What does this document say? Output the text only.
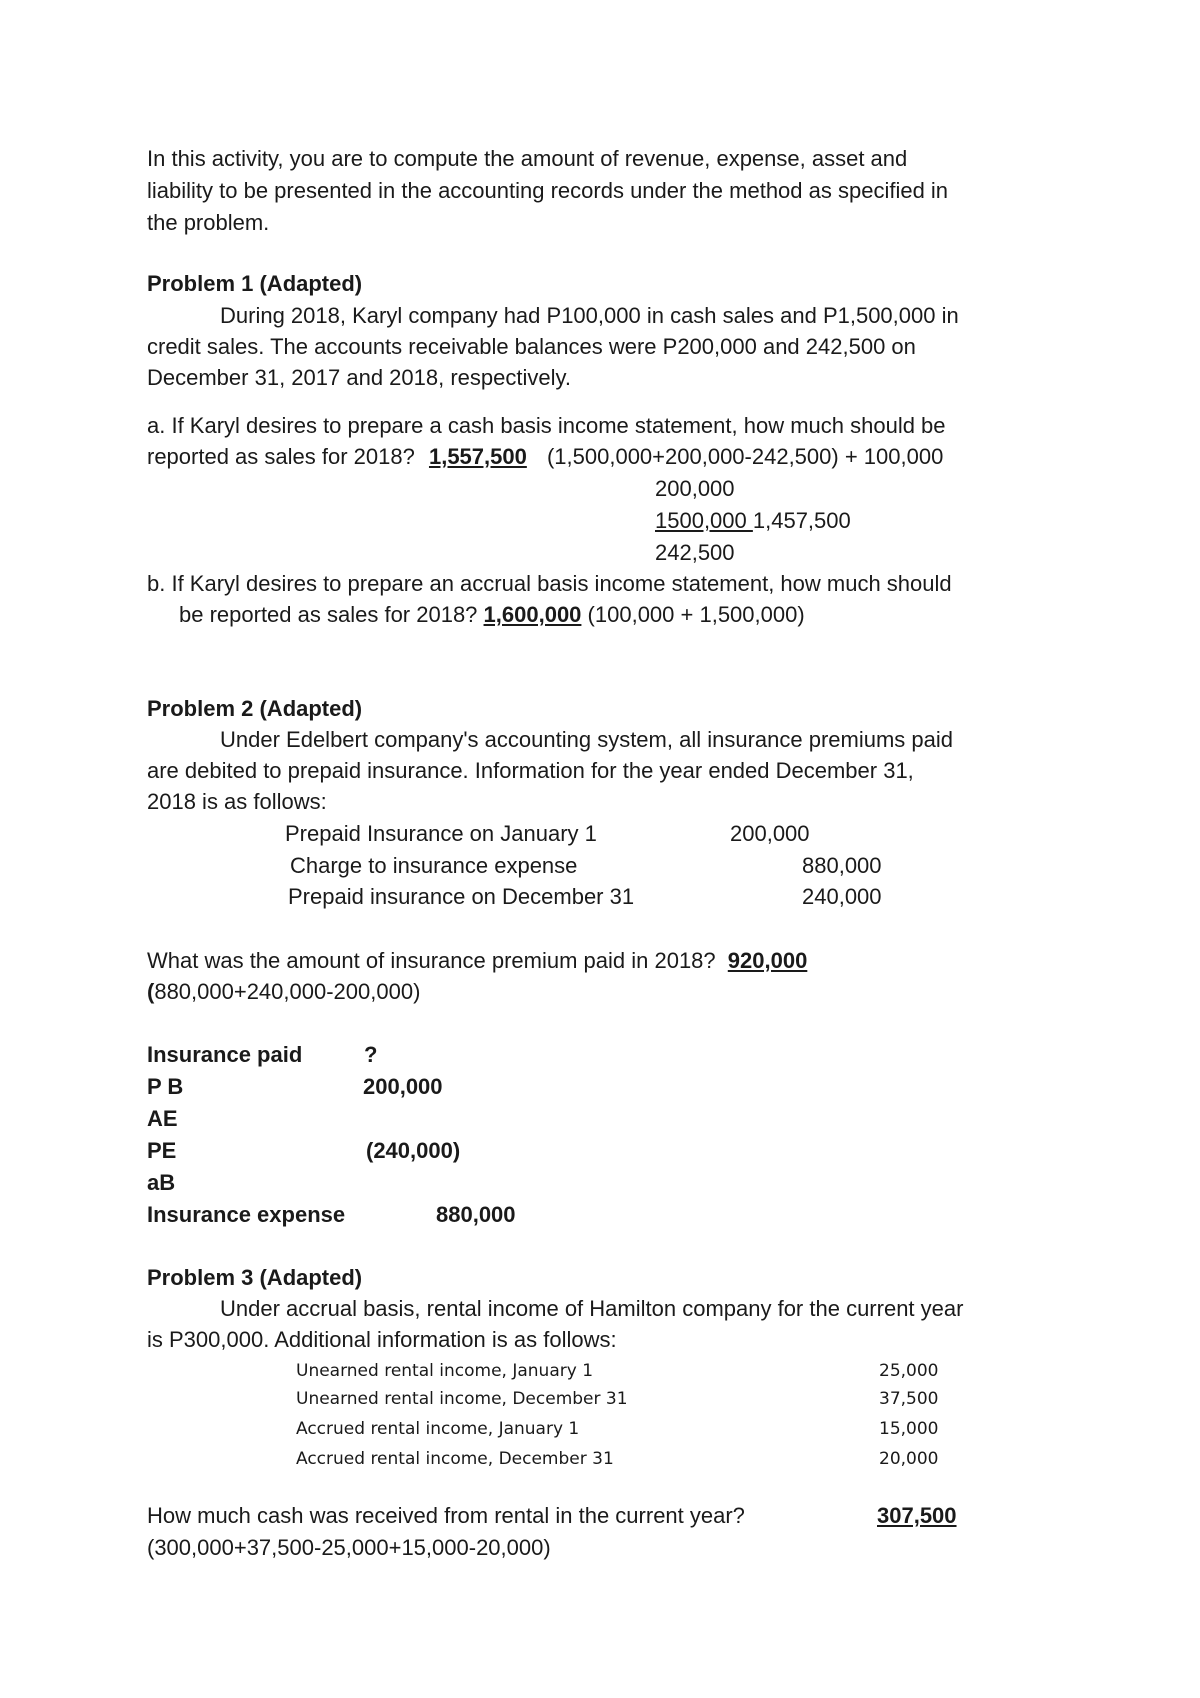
In this activity, you are to compute the amount of revenue, expense, asset and
liability to be presented in the accounting records under the method as specified in
the problem.
Problem 1 (Adapted)
During 2018, Karyl company had P100,000 in cash sales and P1,500,000 in
credit sales. The accounts receivable balances were P200,000 and 242,500 on
December 31, 2017 and 2018, respectively.
a. If Karyl desires to prepare a cash basis income statement, how much should be
reported as sales for 2018? 1,557,500 (1,500,000+200,000-242,500) + 100,000
200,000
1500,000 1,457,500
242,500
b. If Karyl desires to prepare an accrual basis income statement, how much should
be reported as sales for 2018? 1,600,000 (100,000 + 1,500,000)
Problem 2 (Adapted)
Under Edelbert company's accounting system, all insurance premiums paid
are debited to prepaid insurance. Information for the year ended December 31,
2018 is as follows:
Prepaid Insurance on January 1	200,000
Charge to insurance expense	880,000
Prepaid insurance on December 31	240,000
What was the amount of insurance premium paid in 2018? 920,000
(880,000+240,000-200,000)
Insurance paid	?
P B	200,000
AE
PE	(240,000)
aB
Insurance expense	880,000
Problem 3 (Adapted)
Under accrual basis, rental income of Hamilton company for the current year
is P300,000. Additional information is as follows:
Unearned rental income, January 1	25,000
Unearned rental income, December 31	37,500
Accrued rental income, January 1	15,000
Accrued rental income, December 31	20,000
How much cash was received from rental in the current year?	307,500
(300,000+37,500-25,000+15,000-20,000)
